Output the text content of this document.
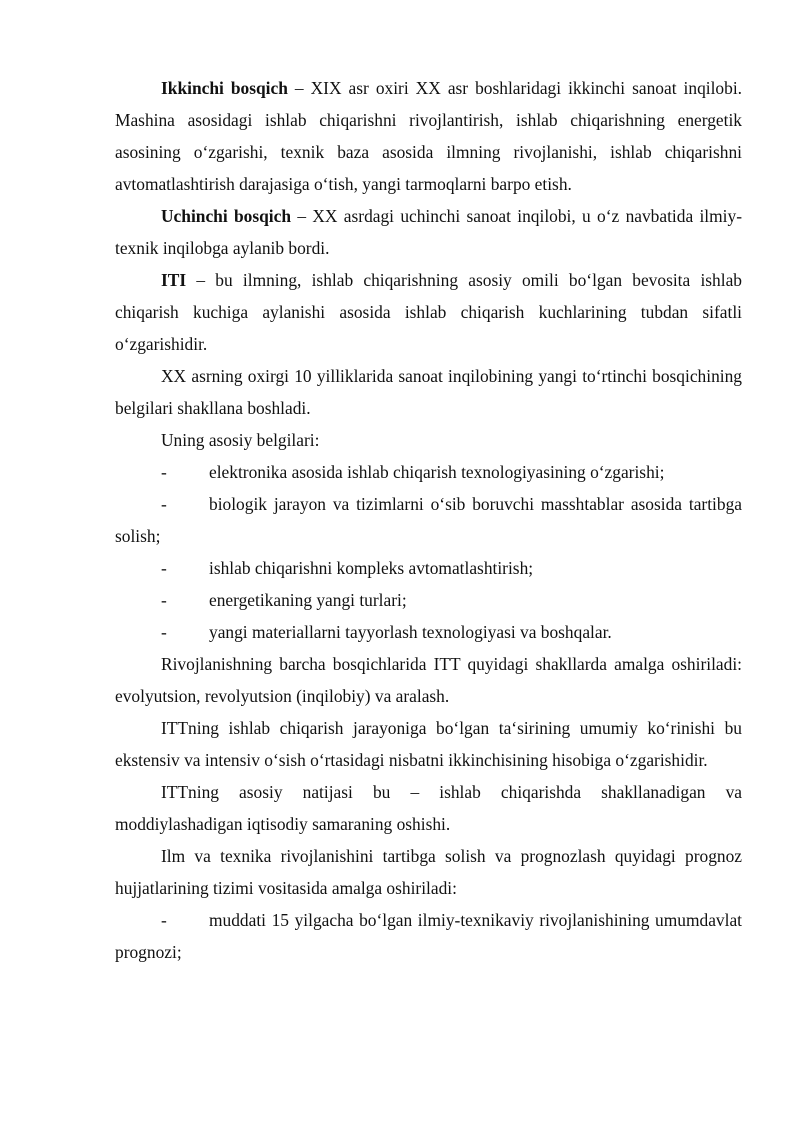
Ikkinchi bosqich – XIX asr oxiri XX asr boshlaridagi ikkinchi sanoat inqilobi. Mashina asosidagi ishlab chiqarishni rivojlantirish, ishlab chiqarishning energetik asosining o‘zgarishi, texnik baza asosida ilmning rivojlanishi, ishlab chiqarishni avtomatlashtirish darajasiga o‘tish, yangi tarmoqlarni barpo etish.

Uchinchi bosqich – XX asrdagi uchinchi sanoat inqilobi, u o‘z navbatida ilmiy-texnik inqilobga aylanib bordi.

ITI – bu ilmning, ishlab chiqarishning asosiy omili bo‘lgan bevosita ishlab chiqarish kuchiga aylanishi asosida ishlab chiqarish kuchlarining tubdan sifatli o‘zgarishidir.

XX asrning oxirgi 10 yilliklarida sanoat inqilobining yangi to‘rtinchi bosqichining belgilari shakllana boshladi.

Uning asosiy belgilari:

- elektronika asosida ishlab chiqarish texnologiyasining o‘zgarishi;
- biologik jarayon va tizimlarni o‘sib boruvchi masshtablar asosida tartibga solish;
- ishlab chiqarishni kompleks avtomatlashtirish;
- energetikaning yangi turlari;
- yangi materiallarni tayyorlash texnologiyasi va boshqalar.

Rivojlanishning barcha bosqichlarida ITT quyidagi shakllarda amalga oshiriladi: evolyutsion, revolyutsion (inqilobiy) va aralash.

ITTning ishlab chiqarish jarayoniga bo‘lgan ta‘sirining umumiy ko‘rinishi bu ekstensiv va intensiv o‘sish o‘rtasidagi nisbatni ikkinchisining hisobiga o‘zgarishidir.

ITTning asosiy natijasi bu – ishlab chiqarishda shakllanadigan va moddiylashadigan iqtisodiy samaraning oshishi.

Ilm va texnika rivojlanishini tartibga solish va prognozlash quyidagi prognoz hujjatlarining tizimi vositasida amalga oshiriladi:

- muddati 15 yilgacha bo‘lgan ilmiy-texnikaviy rivojlanishining umumdavlat prognozi;
